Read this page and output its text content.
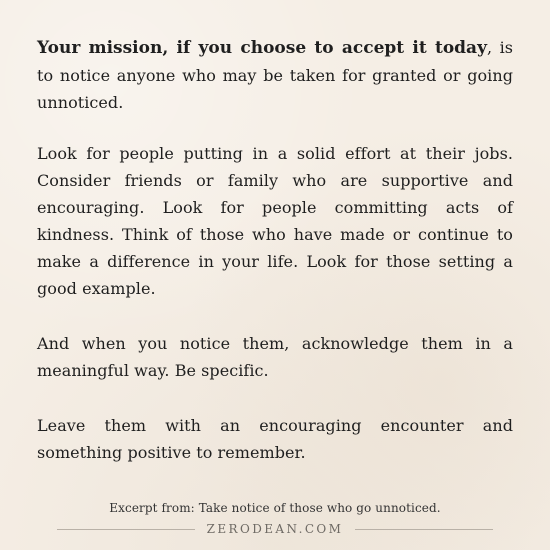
Your mission, if you choose to accept it today, is to notice anyone who may be taken for granted or going unnoticed.

Look for people putting in a solid effort at their jobs. Consider friends or family who are supportive and encouraging. Look for people committing acts of kindness. Think of those who have made or continue to make a difference in your life. Look for those setting a good example.

And when you notice them, acknowledge them in a meaningful way. Be specific.

Leave them with an encouraging encounter and something positive to remember.

Excerpt from: Take notice of those who go unnoticed.
ZERODEAN.COM
